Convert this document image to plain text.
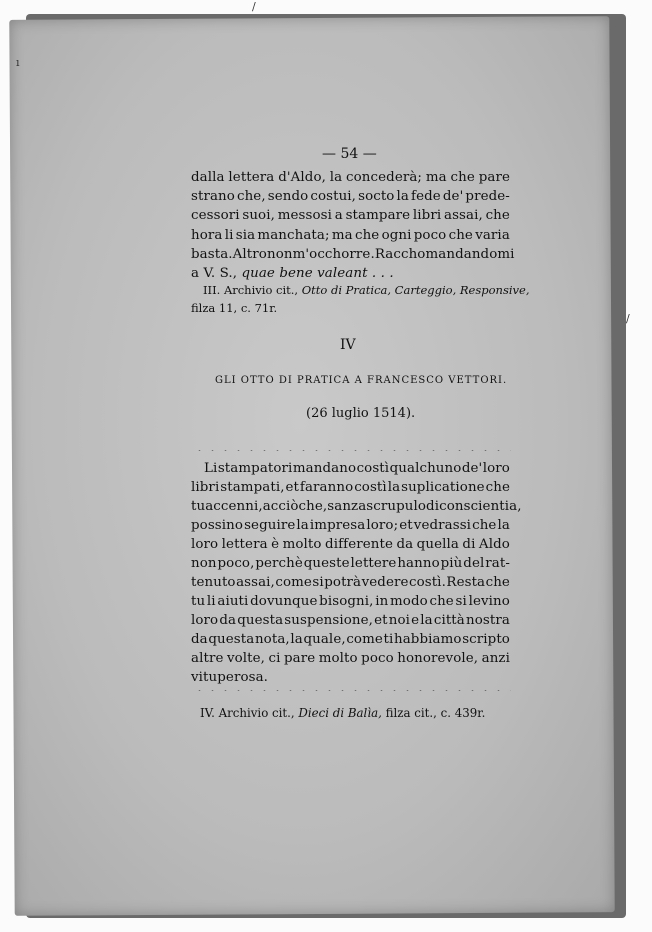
/
ı
/
— 54 —
dalla lettera d'Aldo, la concederà; ma che pare
strano che, sendo costui, socto la fede de' prede-
cessori suoi, messosi a stampare libri assai, che
hora li sia manchata; ma che ogni poco che varia
basta. Altro non m'occhorre. Racchomandandomi
a V. S., quae bene valeant . . .
III. Archivio cit., Otto di Pratica, Carteggio, Responsive,
filza 11, c. 71r.
IV
GLI OTTO DI PRATICA A FRANCESCO VETTORI.
(26 luglio 1514).
Li stampatori mandano costì qualchuno de' loro
libri stampati, et faranno costì la suplicatione che
tu accenni, acciò che, sanza scrupulo di conscientia,
possino seguire la impresa loro; et vedrassi che la
loro lettera è molto differente da quella di Aldo
non poco, perchè queste lettere hanno più del rat-
tenuto assai, come si potrà vedere costì. Resta che
tu li aiuti dovunque bisogni, in modo che si levino
loro da questa suspensione, et noi e la città nostra
da questa nota, la quale, come ti habbiamo scripto
altre volte, ci pare molto poco honorevole, anzi
vituperosa.
IV. Archivio cit., Dieci di Balìa, filza cit., c. 439r.
